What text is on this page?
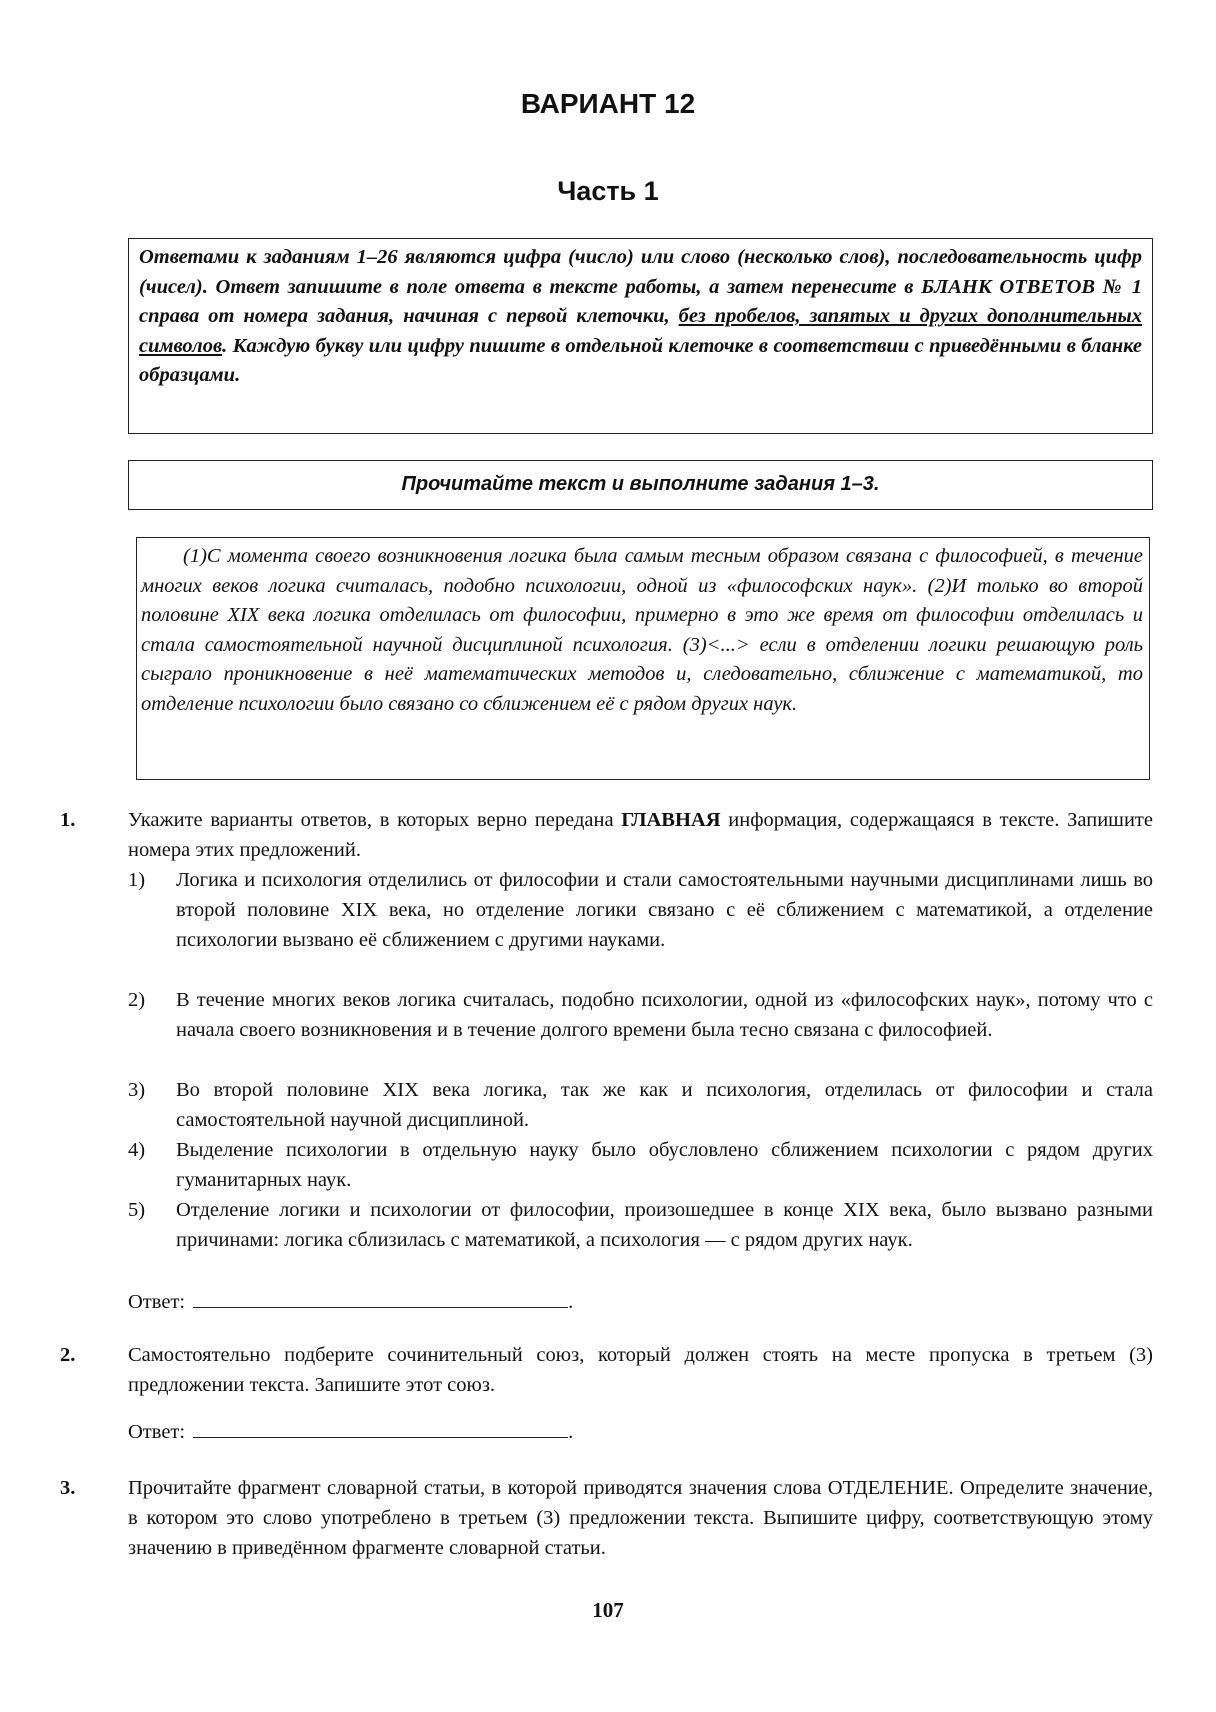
ВАРИАНТ 12
Часть 1
Ответами к заданиям 1–26 являются цифра (число) или слово (несколько слов), последовательность цифр (чисел). Ответ запишите в поле ответа в тексте работы, а затем перенесите в БЛАНК ОТВЕТОВ № 1 справа от номера задания, начиная с первой клеточки, без пробелов, запятых и других дополнительных символов. Каждую букву или цифру пишите в отдельной клеточке в соответствии с приведёнными в бланке образцами.
Прочитайте текст и выполните задания 1–3.
(1)С момента своего возникновения логика была самым тесным образом связана с философией, в течение многих веков логика считалась, подобно психологии, одной из «философских наук». (2)И только во второй половине XIX века логика отделилась от философии, примерно в это же время от философии отделилась и стала самостоятельной научной дисциплиной психология. (3)<...> если в отделении логики решающую роль сыграло проникновение в неё математических методов и, следовательно, сближение с математикой, то отделение психологии было связано со сближением её с рядом других наук.
1.	Укажите варианты ответов, в которых верно передана ГЛАВНАЯ информация, содержащаяся в тексте. Запишите номера этих предложений.
1) Логика и психология отделились от философии и стали самостоятельными научными дисциплинами лишь во второй половине XIX века, но отделение логики связано с её сближением с математикой, а отделение психологии вызвано её сближением с другими науками.
2) В течение многих веков логика считалась, подобно психологии, одной из «философских наук», потому что с начала своего возникновения и в течение долгого времени была тесно связана с философией.
3) Во второй половине XIX века логика, так же как и психология, отделилась от философии и стала самостоятельной научной дисциплиной.
4) Выделение психологии в отдельную науку было обусловлено сближением психологии с рядом других гуманитарных наук.
5) Отделение логики и психологии от философии, произошедшее в конце XIX века, было вызвано разными причинами: логика сблизилась с математикой, а психология — с рядом других наук.
Ответ:	.
2.	Самостоятельно подберите сочинительный союз, который должен стоять на месте пропуска в третьем (3) предложении текста. Запишите этот союз.
Ответ:	.
3.	Прочитайте фрагмент словарной статьи, в которой приводятся значения слова ОТДЕЛЕНИЕ. Определите значение, в котором это слово употреблено в третьем (3) предложении текста. Выпишите цифру, соответствующую этому значению в приведённом фрагменте словарной статьи.
107
